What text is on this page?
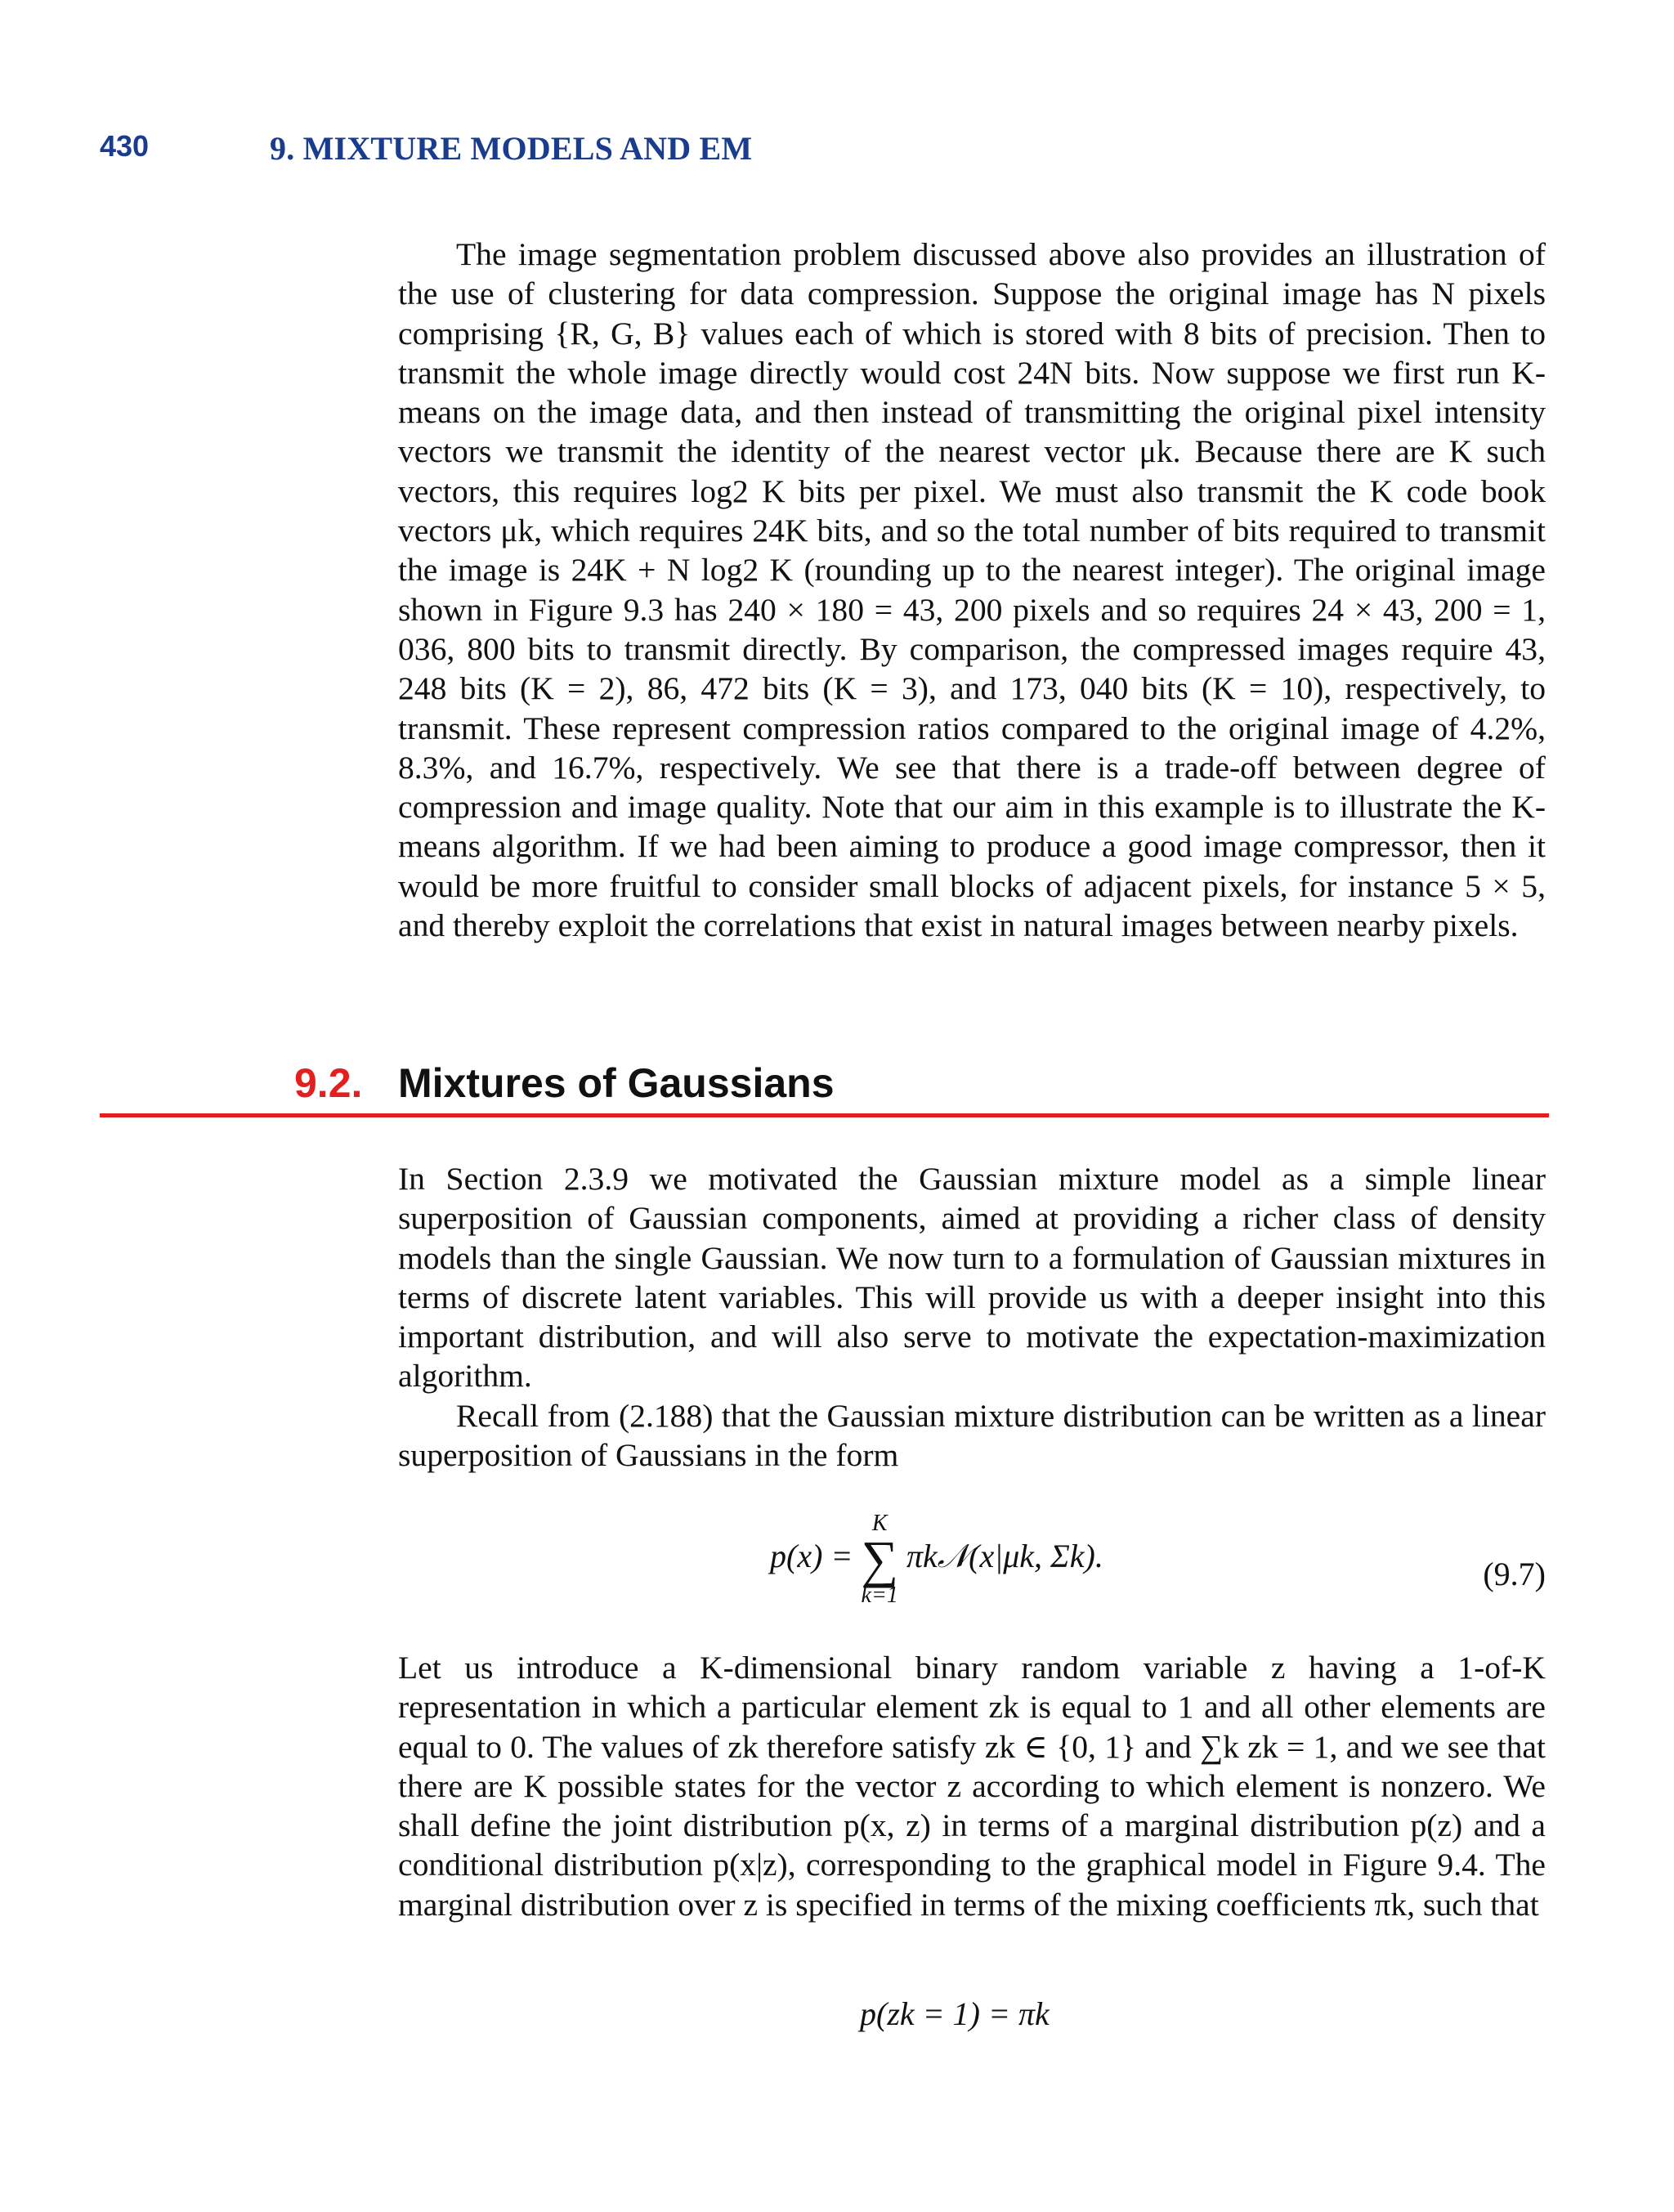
430	9. MIXTURE MODELS AND EM

The image segmentation problem discussed above also provides an illustration of the use of clustering for data compression. Suppose the original image has N pixels comprising {R, G, B} values each of which is stored with 8 bits of precision. Then to transmit the whole image directly would cost 24N bits. Now suppose we first run K-means on the image data, and then instead of transmitting the original pixel intensity vectors we transmit the identity of the nearest vector μk. Because there are K such vectors, this requires log2 K bits per pixel. We must also transmit the K code book vectors μk, which requires 24K bits, and so the total number of bits required to transmit the image is 24K + N log2 K (rounding up to the nearest integer). The original image shown in Figure 9.3 has 240 × 180 = 43, 200 pixels and so requires 24 × 43, 200 = 1, 036, 800 bits to transmit directly. By comparison, the compressed images require 43, 248 bits (K = 2), 86, 472 bits (K = 3), and 173, 040 bits (K = 10), respectively, to transmit. These represent compression ratios compared to the original image of 4.2%, 8.3%, and 16.7%, respectively. We see that there is a trade-off between degree of compression and image quality. Note that our aim in this example is to illustrate the K-means algorithm. If we had been aiming to produce a good image compressor, then it would be more fruitful to consider small blocks of adjacent pixels, for instance 5 × 5, and thereby exploit the correlations that exist in natural images between nearby pixels.

9.2. Mixtures of Gaussians

In Section 2.3.9 we motivated the Gaussian mixture model as a simple linear superposition of Gaussian components, aimed at providing a richer class of density models than the single Gaussian. We now turn to a formulation of Gaussian mixtures in terms of discrete latent variables. This will provide us with a deeper insight into this important distribution, and will also serve to motivate the expectation-maximization algorithm.

Recall from (2.188) that the Gaussian mixture distribution can be written as a linear superposition of Gaussians in the form

p(x) =
K
∑
k=1
πk𝒩(x|μk, Σk).	(9.7)

Let us introduce a K-dimensional binary random variable z having a 1-of-K representation in which a particular element zk is equal to 1 and all other elements are equal to 0. The values of zk therefore satisfy zk ∈ {0, 1} and ∑k zk = 1, and we see that there are K possible states for the vector z according to which element is nonzero. We shall define the joint distribution p(x, z) in terms of a marginal distribution p(z) and a conditional distribution p(x|z), corresponding to the graphical model in Figure 9.4. The marginal distribution over z is specified in terms of the mixing coefficients πk, such that

p(zk = 1) = πk
